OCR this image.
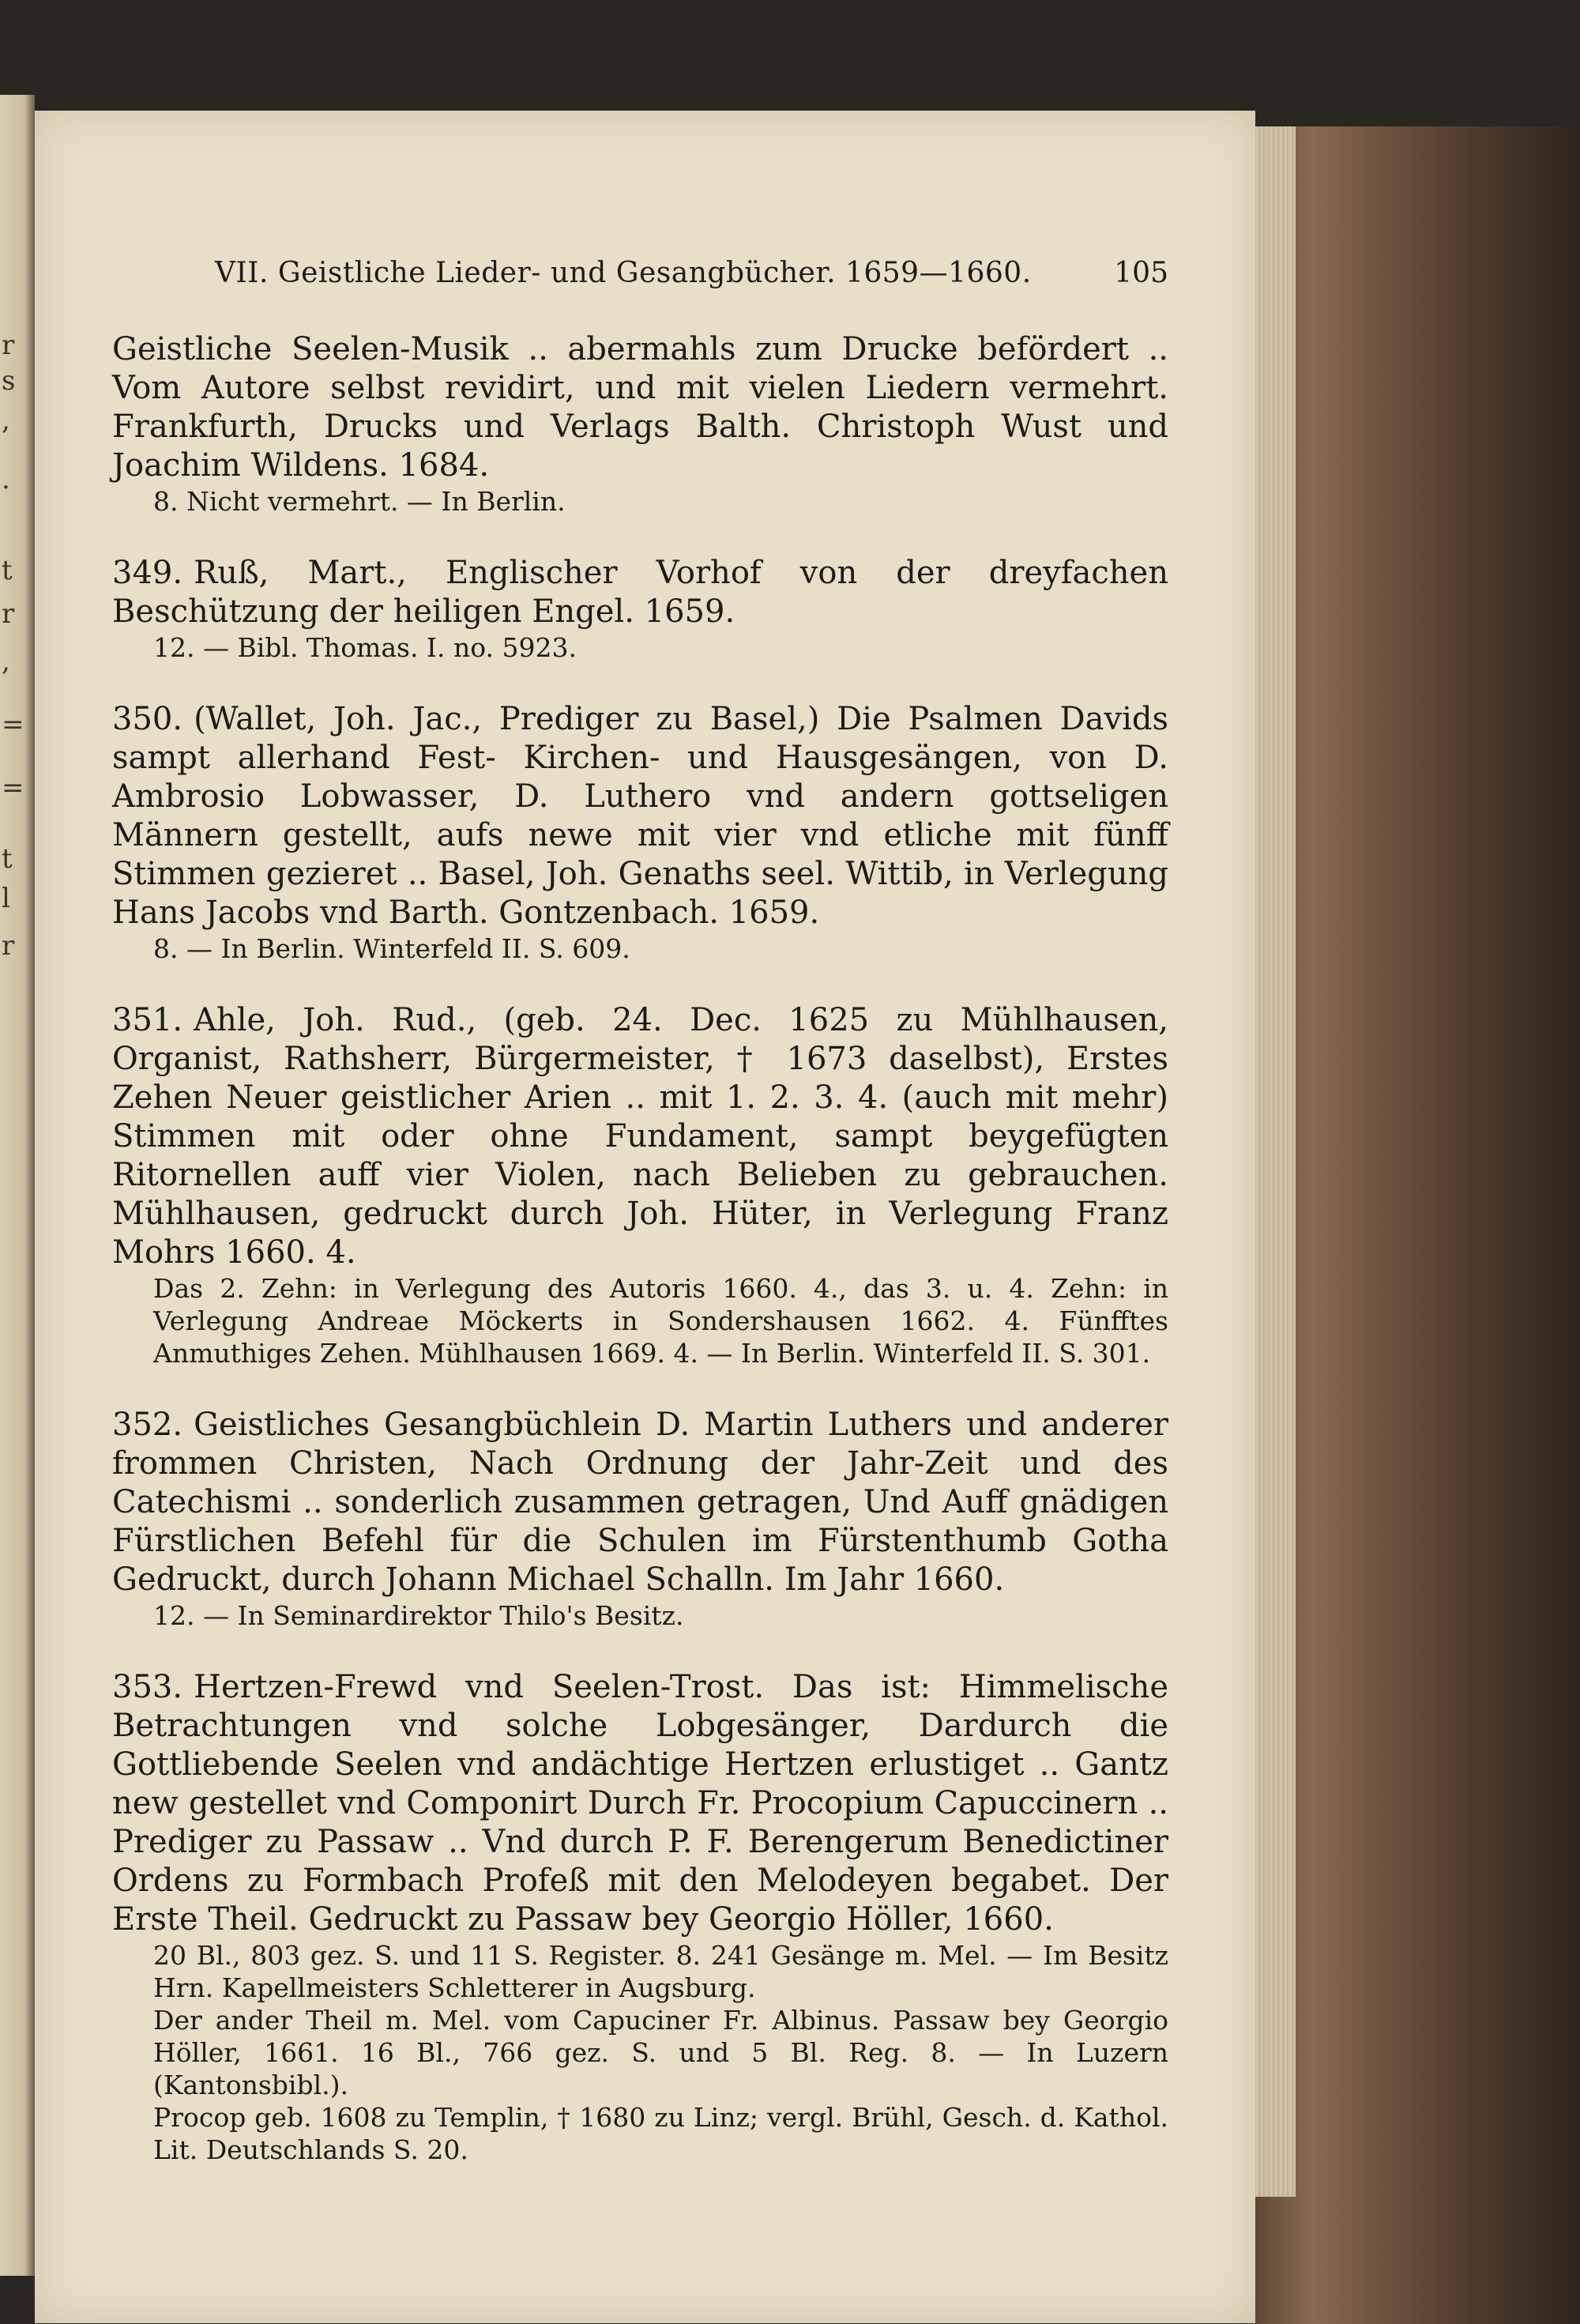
r
s
,
.
t
r
,
=
=
t
l
r
VII. Geistliche Lieder- und Gesangbücher. 1659—1660.	105
Geistliche Seelen-Musik .. abermahls zum Drucke befördert .. Vom Autore selbst revidirt, und mit vielen Liedern vermehrt. Frankfurth, Drucks und Verlags Balth. Christoph Wust und Joachim Wildens. 1684.
8. Nicht vermehrt. — In Berlin.
349. Ruß, Mart., Englischer Vorhof von der dreyfachen Beschützung der heiligen Engel. 1659.
12. — Bibl. Thomas. I. no. 5923.
350. (Wallet, Joh. Jac., Prediger zu Basel,) Die Psalmen Davids sampt allerhand Fest- Kirchen- und Hausgesängen, von D. Ambrosio Lobwasser, D. Luthero vnd andern gottseligen Männern gestellt, aufs newe mit vier vnd etliche mit fünff Stimmen gezieret .. Basel, Joh. Genaths seel. Wittib, in Verlegung Hans Jacobs vnd Barth. Gontzenbach. 1659.
8. — In Berlin. Winterfeld II. S. 609.
351. Ahle, Joh. Rud., (geb. 24. Dec. 1625 zu Mühlhausen, Organist, Rathsherr, Bürgermeister, † 1673 daselbst), Erstes Zehen Neuer geistlicher Arien .. mit 1. 2. 3. 4. (auch mit mehr) Stimmen mit oder ohne Fundament, sampt beygefügten Ritornellen auff vier Violen, nach Belieben zu gebrauchen. Mühlhausen, gedruckt durch Joh. Hüter, in Verlegung Franz Mohrs 1660. 4.
Das 2. Zehn: in Verlegung des Autoris 1660. 4., das 3. u. 4. Zehn: in Verlegung Andreae Möckerts in Sondershausen 1662. 4. Fünfftes Anmuthiges Zehen. Mühlhausen 1669. 4. — In Berlin. Winterfeld II. S. 301.
352. Geistliches Gesangbüchlein D. Martin Luthers und anderer frommen Christen, Nach Ordnung der Jahr-Zeit und des Catechismi .. sonderlich zusammen getragen, Und Auff gnädigen Fürstlichen Befehl für die Schulen im Fürstenthumb Gotha Gedruckt, durch Johann Michael Schalln. Im Jahr 1660.
12. — In Seminardirektor Thilo's Besitz.
353. Hertzen-Frewd vnd Seelen-Trost. Das ist: Himmelische Betrachtungen vnd solche Lobgesänger, Dardurch die Gottliebende Seelen vnd andächtige Hertzen erlustiget .. Gantz new gestellet vnd Componirt Durch Fr. Procopium Capuccinern .. Prediger zu Passaw .. Vnd durch P. F. Berengerum Benedictiner Ordens zu Formbach Profeß mit den Melodeyen begabet. Der Erste Theil. Gedruckt zu Passaw bey Georgio Höller, 1660.
20 Bl., 803 gez. S. und 11 S. Register. 8. 241 Gesänge m. Mel. — Im Besitz Hrn. Kapellmeisters Schletterer in Augsburg.
Der ander Theil m. Mel. vom Capuciner Fr. Albinus. Passaw bey Georgio Höller, 1661. 16 Bl., 766 gez. S. und 5 Bl. Reg. 8. — In Luzern (Kantonsbibl.).
Procop geb. 1608 zu Templin, † 1680 zu Linz; vergl. Brühl, Gesch. d. Kathol. Lit. Deutschlands S. 20.
